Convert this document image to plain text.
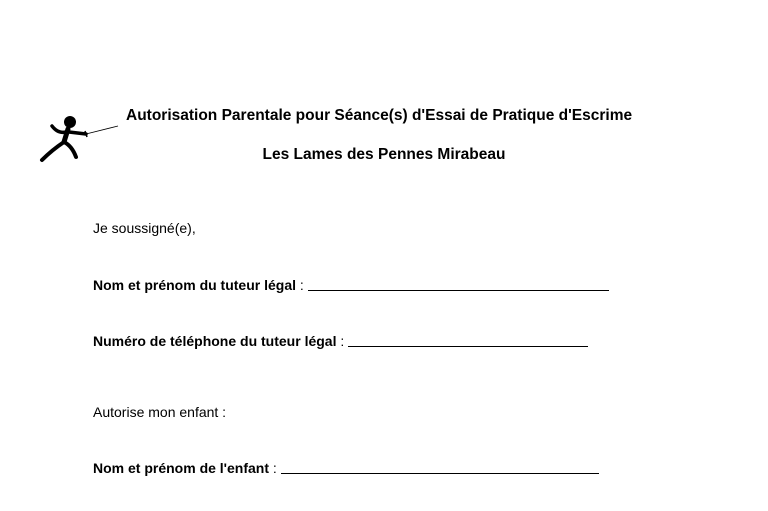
Autorisation Parentale pour Séance(s) d'Essai de Pratique d'Escrime
Les Lames des Pennes Mirabeau
Je soussigné(e),
Nom et prénom du tuteur légal :
Numéro de téléphone du tuteur légal :
Autorise mon enfant :
Nom et prénom de l'enfant :
